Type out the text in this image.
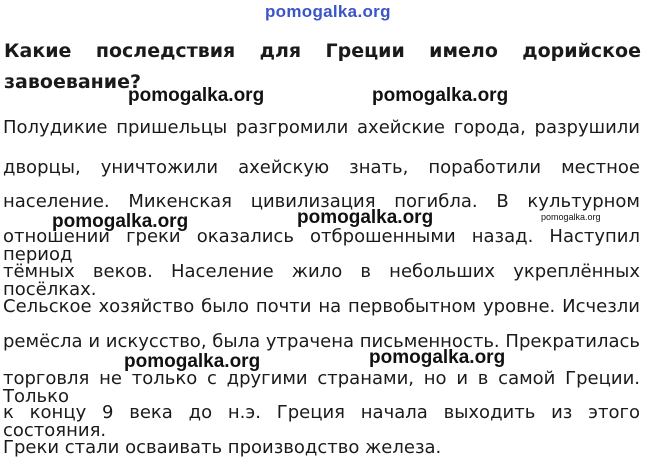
pomogalka.org
Какие последствия для Греции имело дорийское
завоевание?
Полудикие пришельцы разгромили ахейские города, разрушили
дворцы, уничтожили ахейскую знать, поработили местное
население. Микенская цивилизация погибла. В культурном
отношении греки оказались отброшенными назад. Наступил период
тёмных веков. Население жило в небольших укреплённых посёлках.
Сельское хозяйство было почти на первобытном уровне. Исчезли
ремёсла и искусство, была утрачена письменность. Прекратилась
торговля не только с другими странами, но и в самой Греции. Только
к концу 9 века до н.э. Греция начала выходить из этого состояния.
Греки стали осваивать производство железа.
pomogalka.org	pomogalka.org
pomogalka.org	pomogalka.org	pomogalka.org
pomogalka.org	pomogalka.org
